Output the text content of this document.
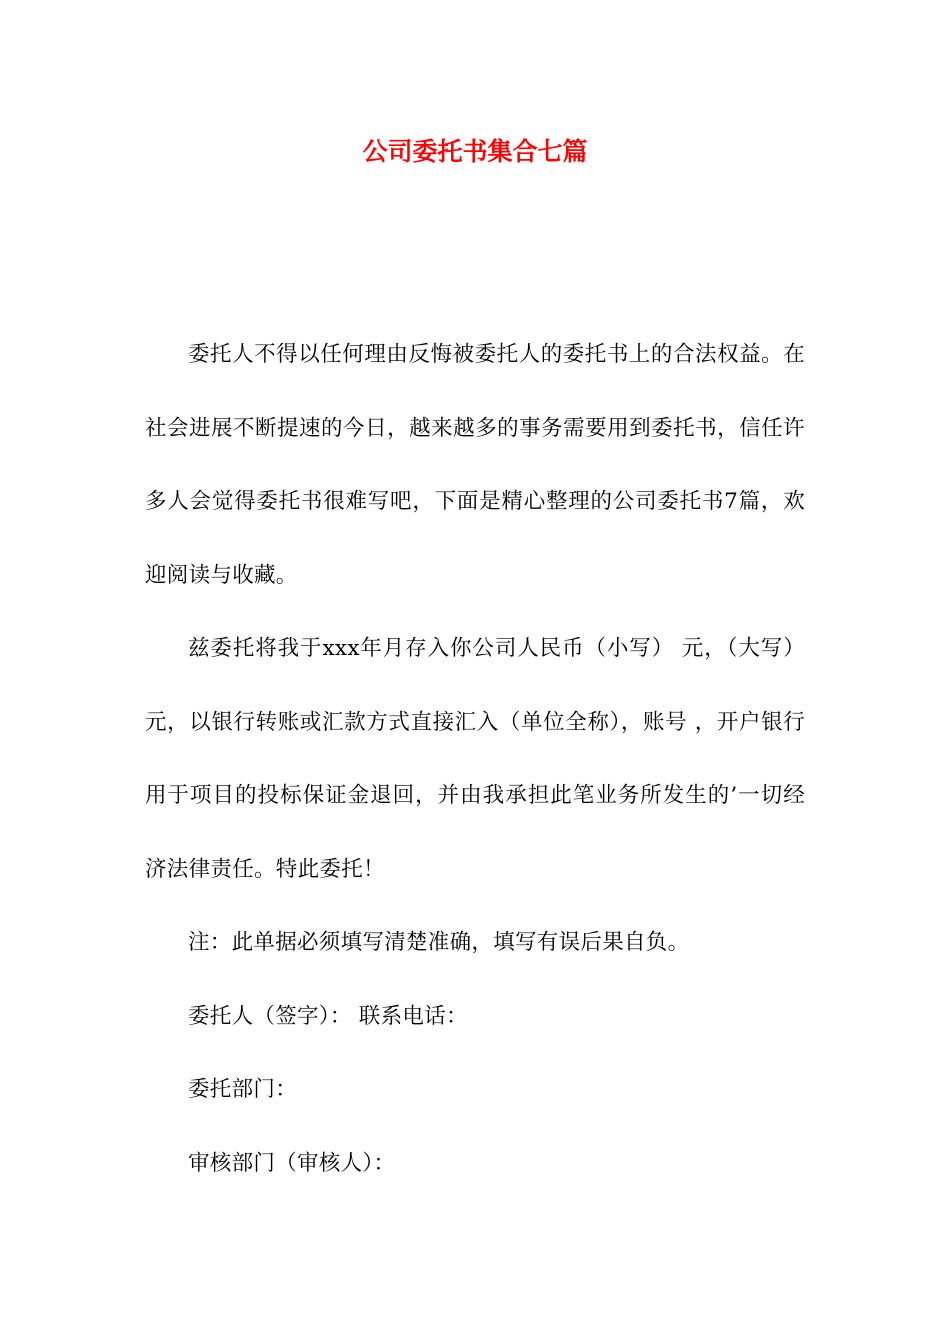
公司委托书集合七篇

委托人不得以任何理由反悔被委托人的委托书上的合法权益。在社会进展不断提速的今日，越来越多的事务需要用到委托书，信任许多人会觉得委托书很难写吧，下面是精心整理的公司委托书7篇，欢迎阅读与收藏。

兹委托将我于xxx年月存入你公司人民币（小写） 元，（大写） 元，以银行转账或汇款方式直接汇入（单位全称），账号 ，开户银行 用于项目的投标保证金退回，并由我承担此笔业务所发生的’一切经济法律责任。特此委托！

注：此单据必须填写清楚准确，填写有误后果自负。

委托人（签字）： 联系电话：

委托部门：

审核部门（审核人）：
